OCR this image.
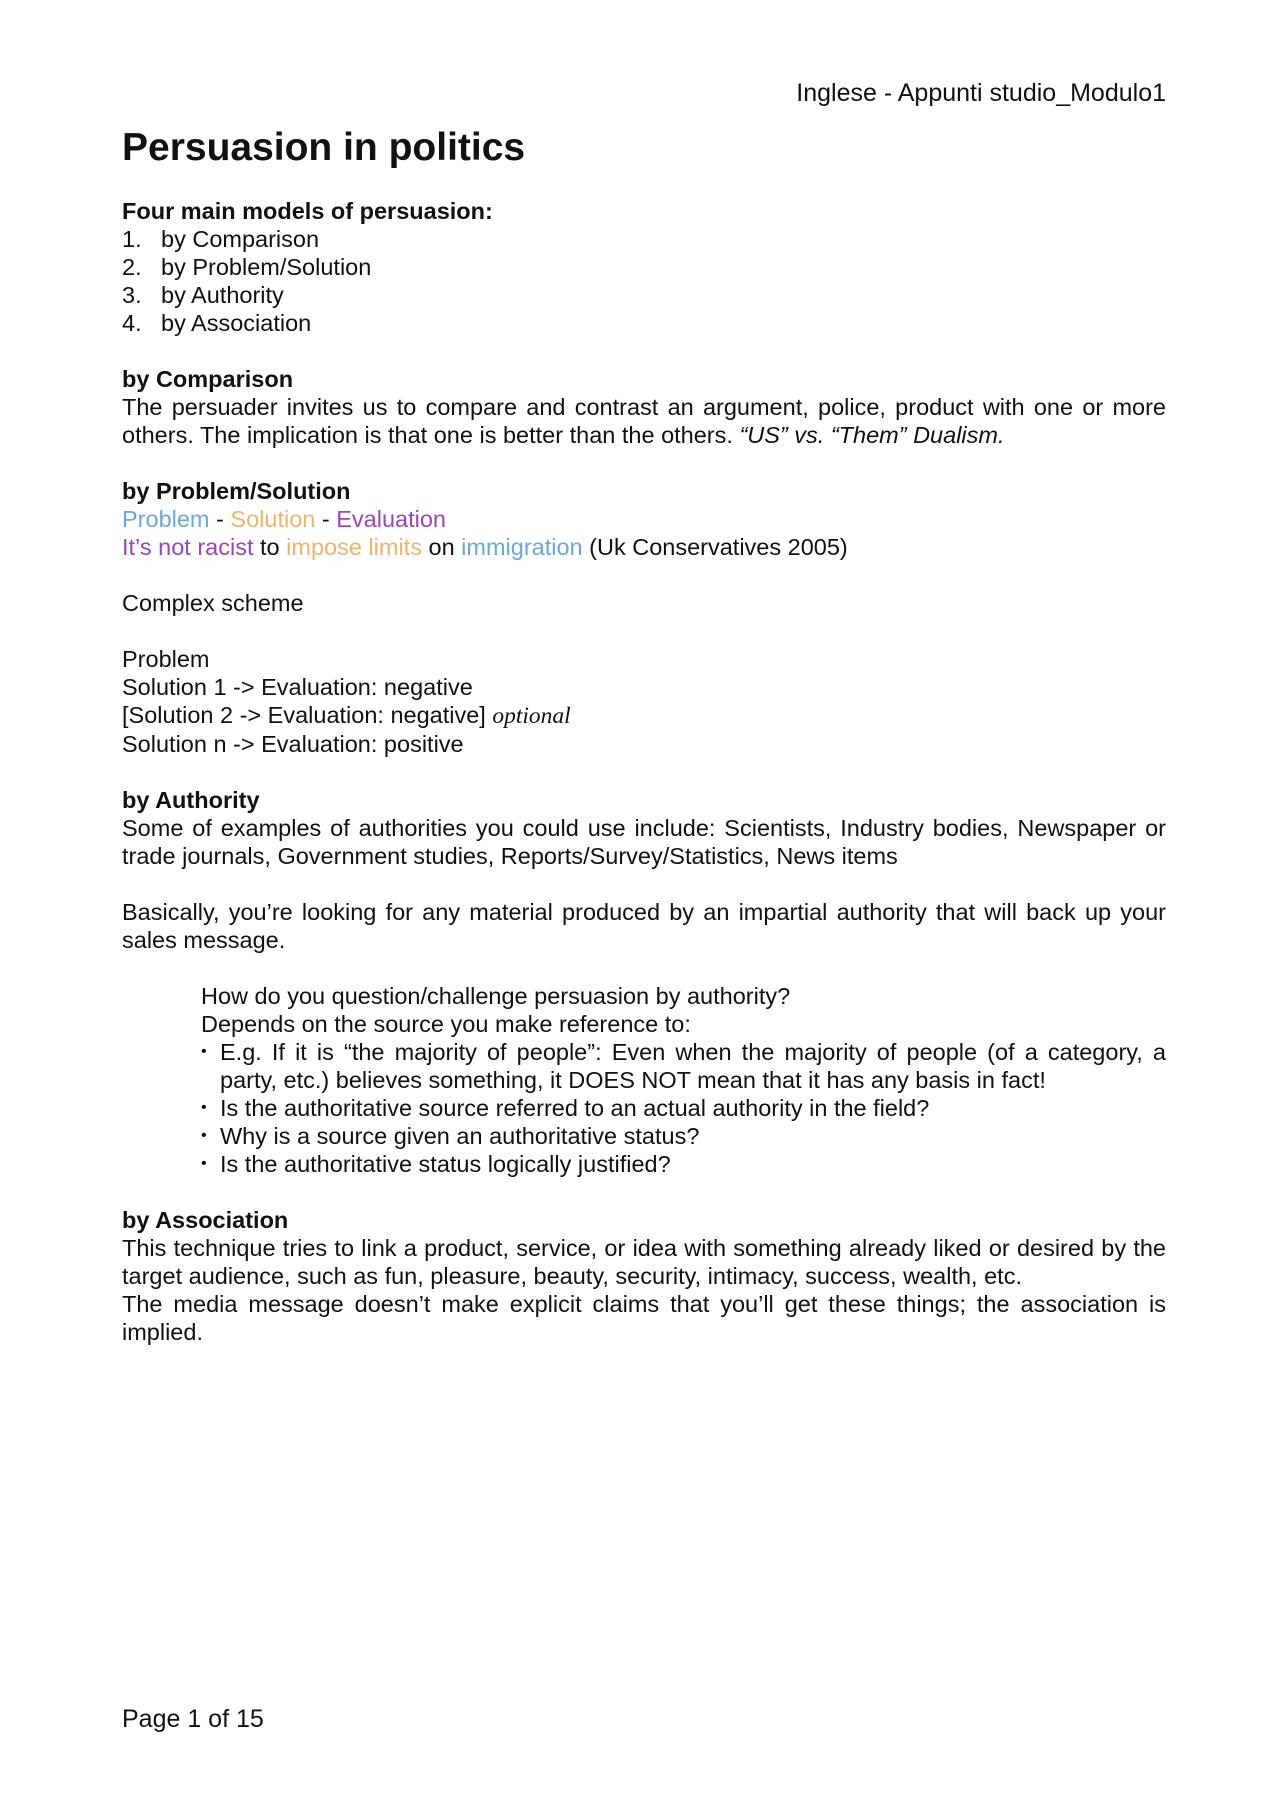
Inglese - Appunti studio_Modulo1
Persuasion in politics

Four main models of persuasion:

1. by Comparison
2. by Problem/Solution
3. by Authority
4. by Association

by Comparison

The persuader invites us to compare and contrast an argument, police, product with one or more others. The implication is that one is better than the others. “US” vs. “Them” Dualism.

by Problem/Solution

Problem - Solution - Evaluation

It’s not racist to impose limits on immigration (Uk Conservatives 2005)

Complex scheme

Problem

Solution 1 -> Evaluation: negative

[Solution 2 -> Evaluation: negative] optional

Solution n -> Evaluation: positive

by Authority

Some of examples of authorities you could use include: Scientists, Industry bodies, Newspaper or trade journals, Government studies, Reports/Survey/Statistics, News items

Basically, you’re looking for any material produced by an impartial authority that will back up your sales message.

How do you question/challenge persuasion by authority?

Depends on the source you make reference to:

• E.g. If it is “the majority of people”: Even when the majority of people (of a category, a party, etc.) believes something, it DOES NOT mean that it has any basis in fact!
• Is the authoritative source referred to an actual authority in the field?
• Why is a source given an authoritative status?
• Is the authoritative status logically justified?

by Association

This technique tries to link a product, service, or idea with something already liked or desired by the target audience, such as fun, pleasure, beauty, security, intimacy, success, wealth, etc.

The media message doesn’t make explicit claims that you’ll get these things; the association is implied.

Page 1 of 15
